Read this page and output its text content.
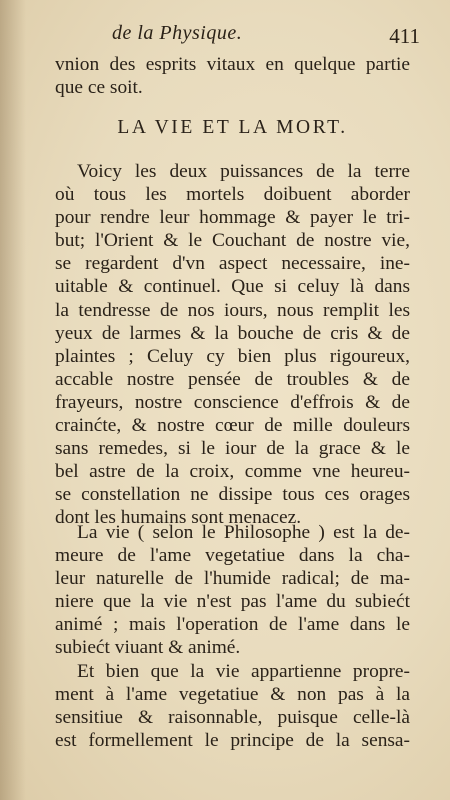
de la Physique.	411
vnion des esprits vitaux en quelque partie
que ce soit.
LA VIE ET LA MORT.
Voicy les deux puissances de la terre
où tous les mortels doibuent aborder
pour rendre leur hommage & payer le tri-
but; l'Orient & le Couchant de nostre vie,
se regardent d'vn aspect necessaire, ine-
uitable & continuel. Que si celuy là dans
la tendresse de nos iours, nous remplit les
yeux de larmes & la bouche de cris & de
plaintes ; Celuy cy bien plus rigoureux,
accable nostre pensée de troubles & de
frayeurs, nostre conscience d'effrois & de
crainćte, & nostre cœur de mille douleurs
sans remedes, si le iour de la grace & le
bel astre de la croix, comme vne heureu-
se constellation ne dissipe tous ces orages
dont les humains sont menacez.
La vie ( selon le Philosophe ) est la de-
meure de l'ame vegetatiue dans la cha-
leur naturelle de l'humide radical; de ma-
niere que la vie n'est pas l'ame du subiećt
animé ; mais l'operation de l'ame dans le
subiećt viuant & animé.
Et bien que la vie appartienne propre-
ment à l'ame vegetatiue & non pas à la
sensitiue & raisonnable, puisque celle-là
est formellement le principe de la sensa-
